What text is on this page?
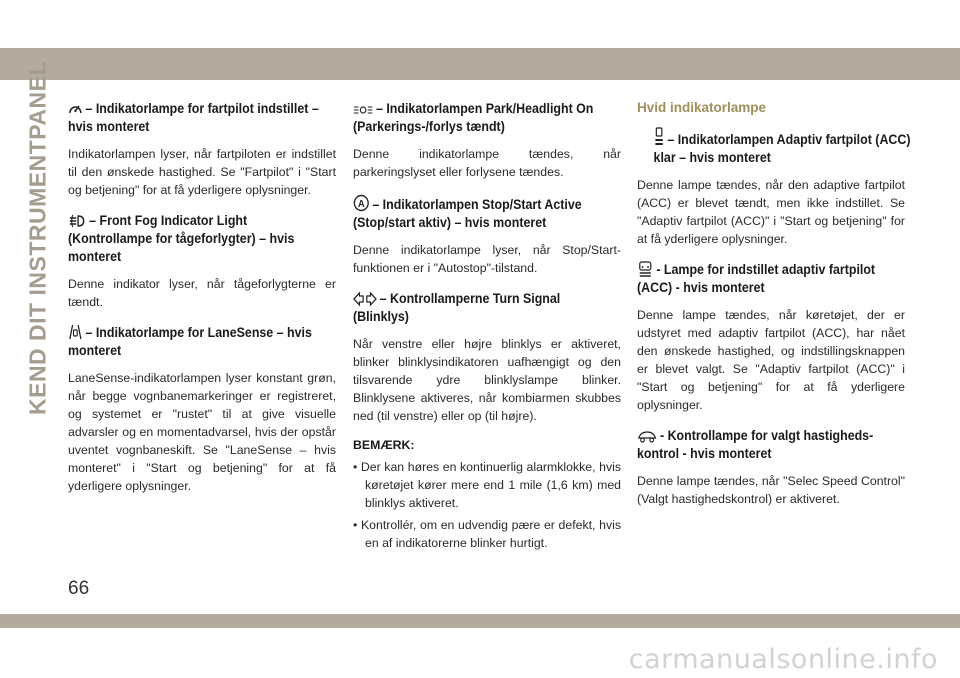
KEND DIT INSTRUMENTPANEL	– Indikatorlampe for fartpilot indstillet – hvis monteret

Indikatorlampen lyser, når fartpiloten er indstillet til den ønskede hastighed. Se "Fartpilot" i "Start og betjening" for at få yderligere oplysninger.

– Front Fog Indicator Light (Kontrollampe for tågeforlygter) – hvis monteret

Denne indikator lyser, når tågeforlygterne er tændt.

– Indikatorlampe for LaneSense – hvis monteret

LaneSense-indikatorlampen lyser konstant grøn, når begge vognbanemarkeringer er registreret, og systemet er "rustet" til at give visuelle advarsler og en momentadvarsel, hvis der opstår uventet vognbaneskift. Se "LaneSense – hvis monteret" i "Start og betjening" for at få yderligere oplysninger.

– Indikatorlampen Park/Headlight On (Parkerings-/forlys tændt)

Denne indikatorlampe tændes, når parkeringslyset eller forlysene tændes.

A – Indikatorlampen Stop/Start Active (Stop/start aktiv) – hvis monteret

Denne indikatorlampe lyser, når Stop/Start-funktionen er i "Autostop"-tilstand.

– Kontrollamperne Turn Signal (Blinklys)

Når venstre eller højre blinklys er aktiveret, blinker blinklysindikatoren uafhængigt og den tilsvarende ydre blinklyslampe blinker. Blinklysene aktiveres, når kombiarmen skubbes ned (til venstre) eller op (til højre).

BEMÆRK:

• Der kan høres en kontinuerlig alarmklokke, hvis køretøjet kører mere end 1 mile (1,6 km) med blinklys aktiveret.

• Kontrollér, om en udvendig pære er defekt, hvis en af indikatorerne blinker hurtigt.

Hvid indikatorlampe

– Indikatorlampen Adaptiv fartpilot (ACC) klar – hvis monteret

Denne lampe tændes, når den adaptive fartpilot (ACC) er blevet tændt, men ikke indstillet. Se "Adaptiv fartpilot (ACC)" i "Start og betjening" for at få yderligere oplysninger.

- Lampe for indstillet adaptiv fartpilot (ACC) - hvis monteret

Denne lampe tændes, når køretøjet, der er udstyret med adaptiv fartpilot (ACC), har nået den ønskede hastighed, og indstillingsknappen er blevet valgt. Se "Adaptiv fartpilot (ACC)" i "Start og betjening" for at få yderligere oplysninger.

- Kontrollampe for valgt hastigheds-kontrol - hvis monteret

Denne lampe tændes, når "Selec Speed Control" (Valgt hastighedskontrol) er aktiveret.

66
carmanualsonline.info
